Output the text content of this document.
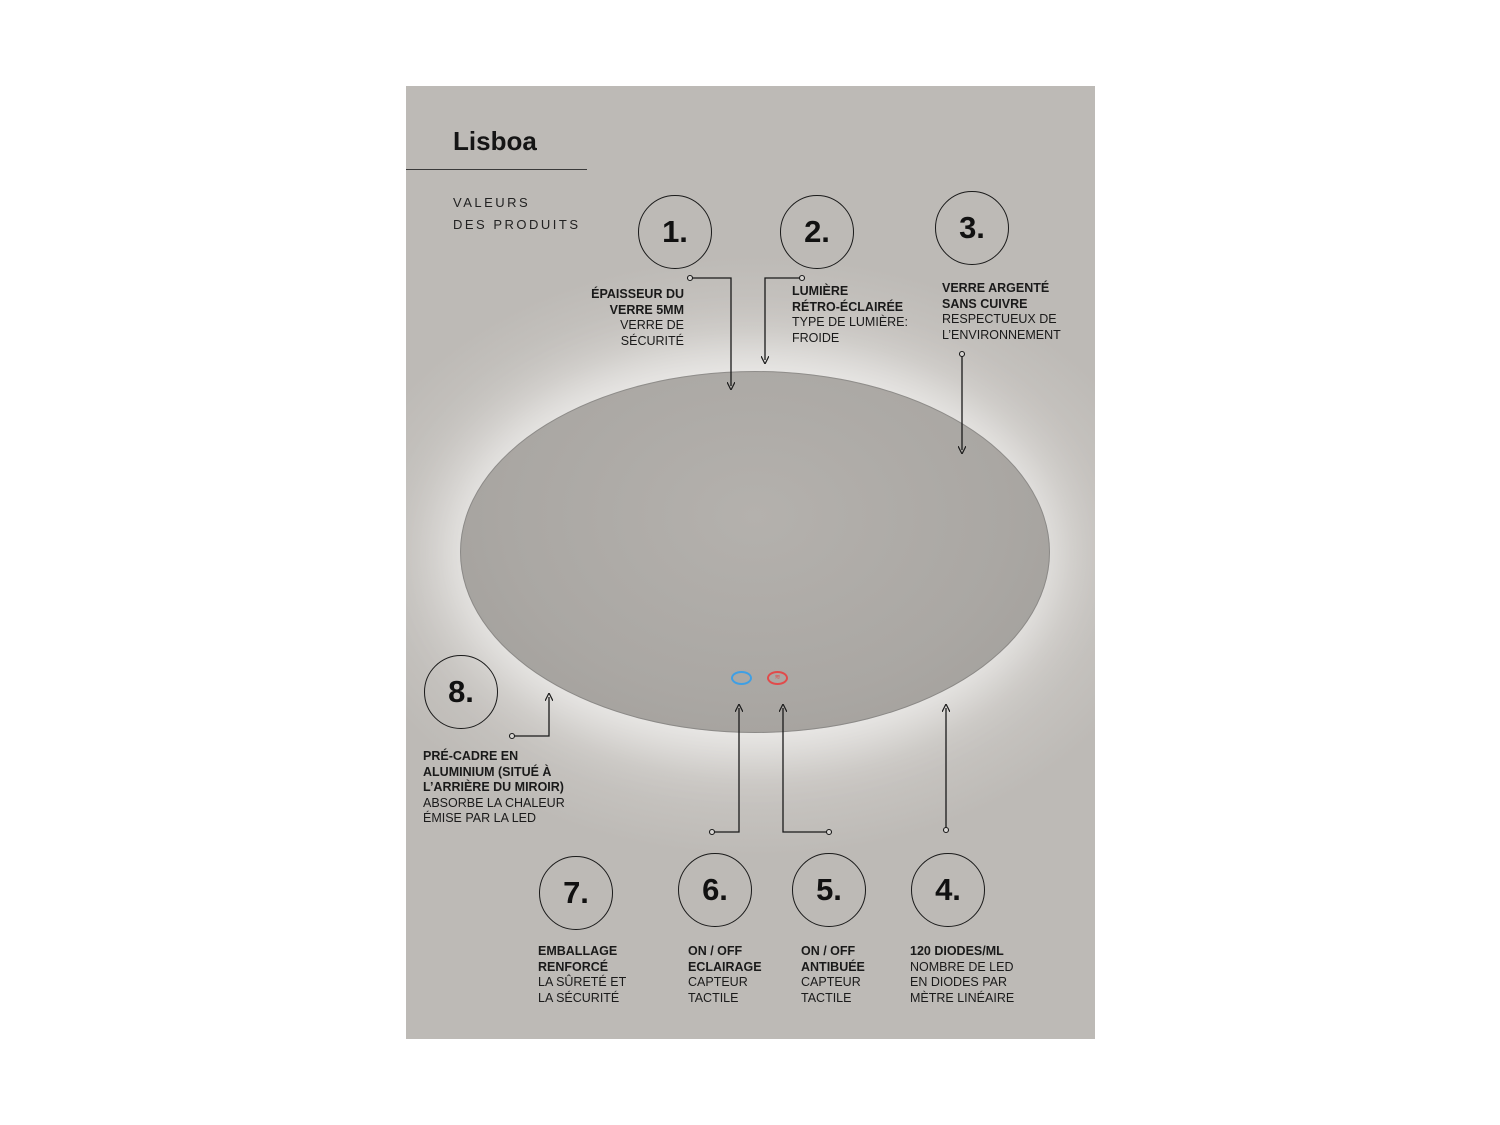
Lisboa
VALEURS
DES PRODUITS
≋
1.
ÉPAISSEUR DU
VERRE 5MM
VERRE DE
SÉCURITÉ
2.
LUMIÈRE
RÉTRO-ÉCLAIRÉE
TYPE DE LUMIÈRE:
FROIDE
3.
VERRE ARGENTÉ
SANS CUIVRE
RESPECTUEUX DE
L’ENVIRONNEMENT
8.
PRÉ-CADRE EN
ALUMINIUM (SITUÉ À
L’ARRIÈRE DU MIROIR)
ABSORBE LA CHALEUR
ÉMISE PAR LA LED
7.
EMBALLAGE
RENFORCÉ
LA SÛRETÉ ET
LA SÉCURITÉ
6.
ON / OFF
ECLAIRAGE
CAPTEUR
TACTILE
5.
ON / OFF
ANTIBUÉE
CAPTEUR
TACTILE
4.
120 DIODES/ML
NOMBRE DE LED
EN DIODES PAR
MÈTRE LINÉAIRE
